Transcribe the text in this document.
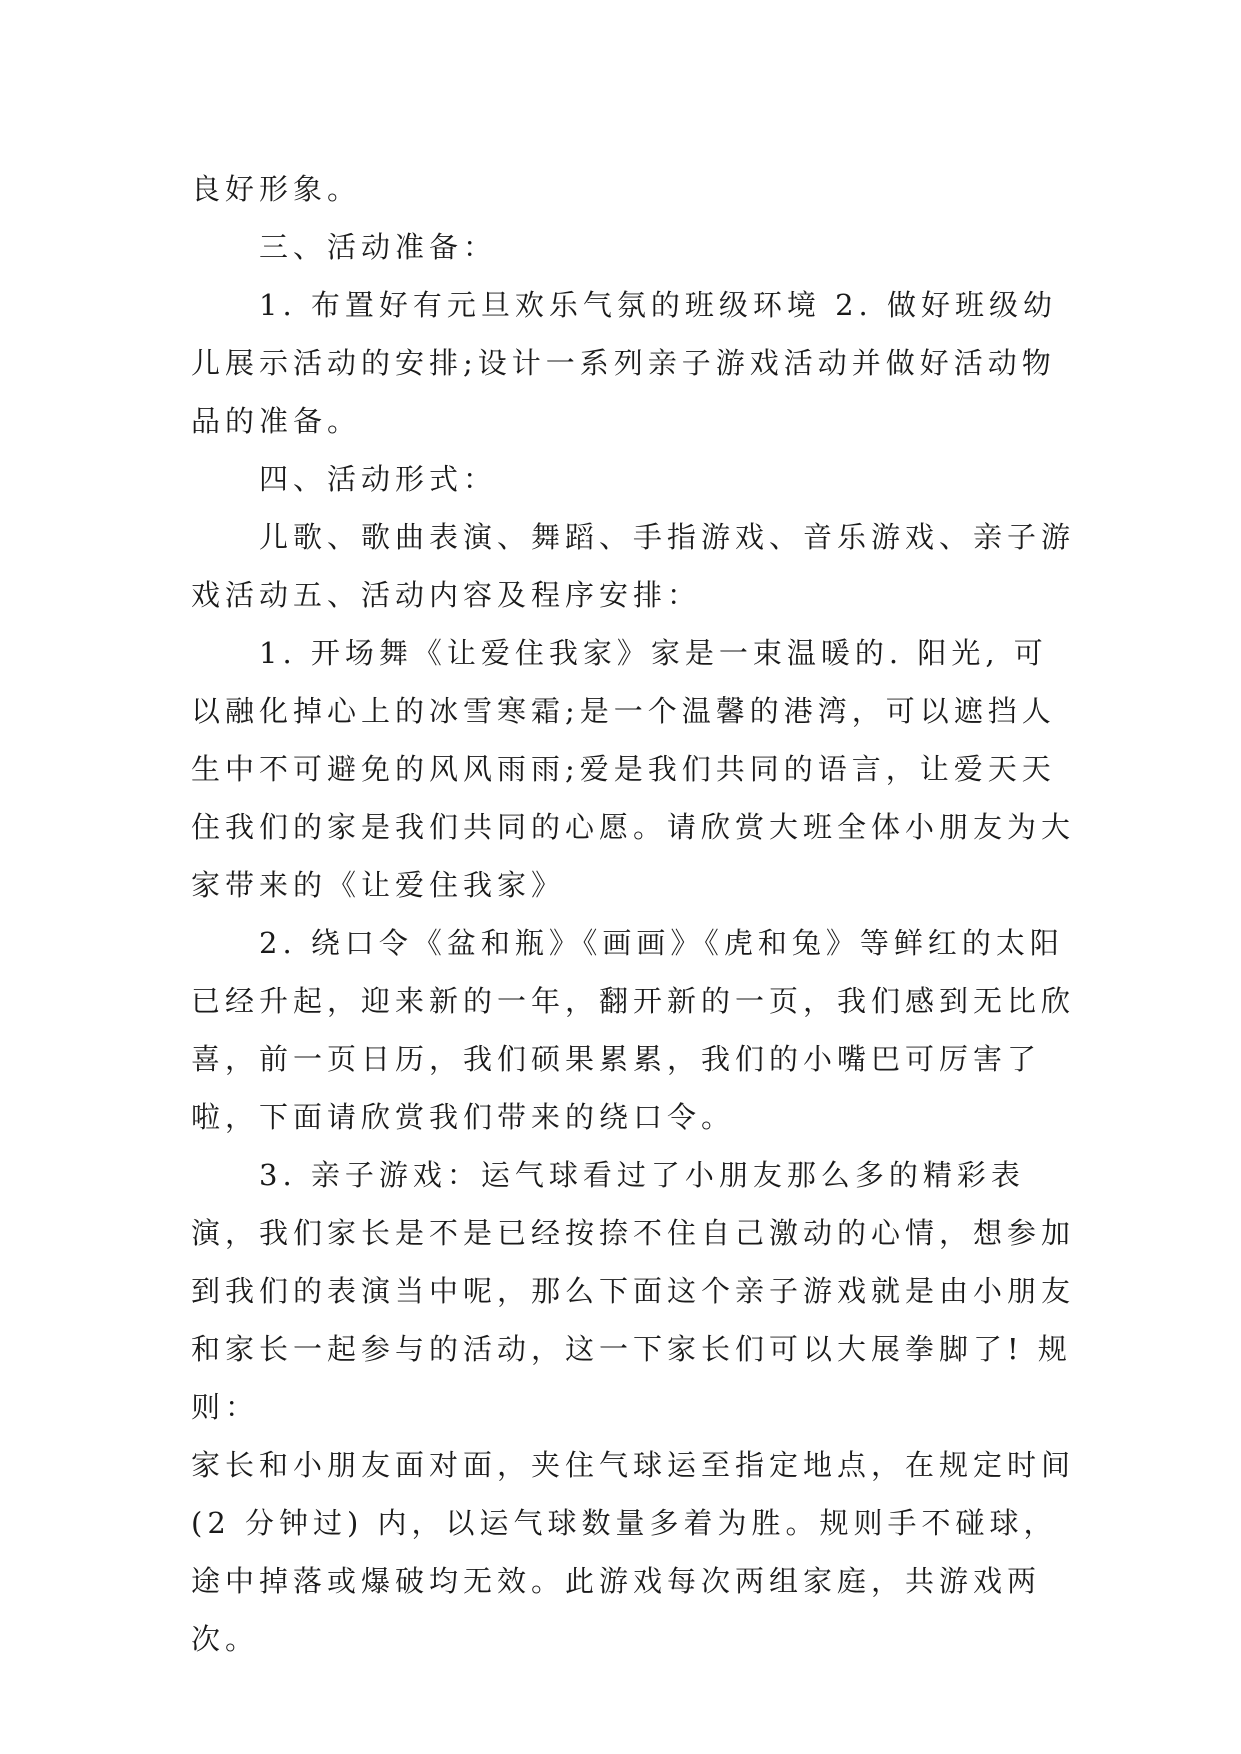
良好形象。

　　三、活动准备：

　　1. 布置好有元旦欢乐气氛的班级环境 2. 做好班级幼儿展示活动的安排;设计一系列亲子游戏活动并做好活动物品的准备。

　　四、活动形式：

　　儿歌、歌曲表演、舞蹈、手指游戏、音乐游戏、亲子游戏活动五、活动内容及程序安排：

　　1. 开场舞《让爱住我家》家是一束温暖的. 阳光, 可以融化掉心上的冰雪寒霜;是一个温馨的港湾，可以遮挡人生中不可避免的风风雨雨;爱是我们共同的语言，让爱天天住我们的家是我们共同的心愿。请欣赏大班全体小朋友为大家带来的《让爱住我家》

　　2. 绕口令《盆和瓶》《画画》《虎和兔》等鲜红的太阳已经升起，迎来新的一年，翻开新的一页，我们感到无比欣喜，前一页日历，我们硕果累累，我们的小嘴巴可厉害了啦，下面请欣赏我们带来的绕口令。

　　3. 亲子游戏：运气球看过了小朋友那么多的精彩表演，我们家长是不是已经按捺不住自己激动的心情，想参加到我们的表演当中呢，那么下面这个亲子游戏就是由小朋友和家长一起参与的活动，这一下家长们可以大展拳脚了! 规则：

家长和小朋友面对面，夹住气球运至指定地点，在规定时间(2 分钟过) 内，以运气球数量多着为胜。规则手不碰球，途中掉落或爆破均无效。此游戏每次两组家庭，共游戏两次。
